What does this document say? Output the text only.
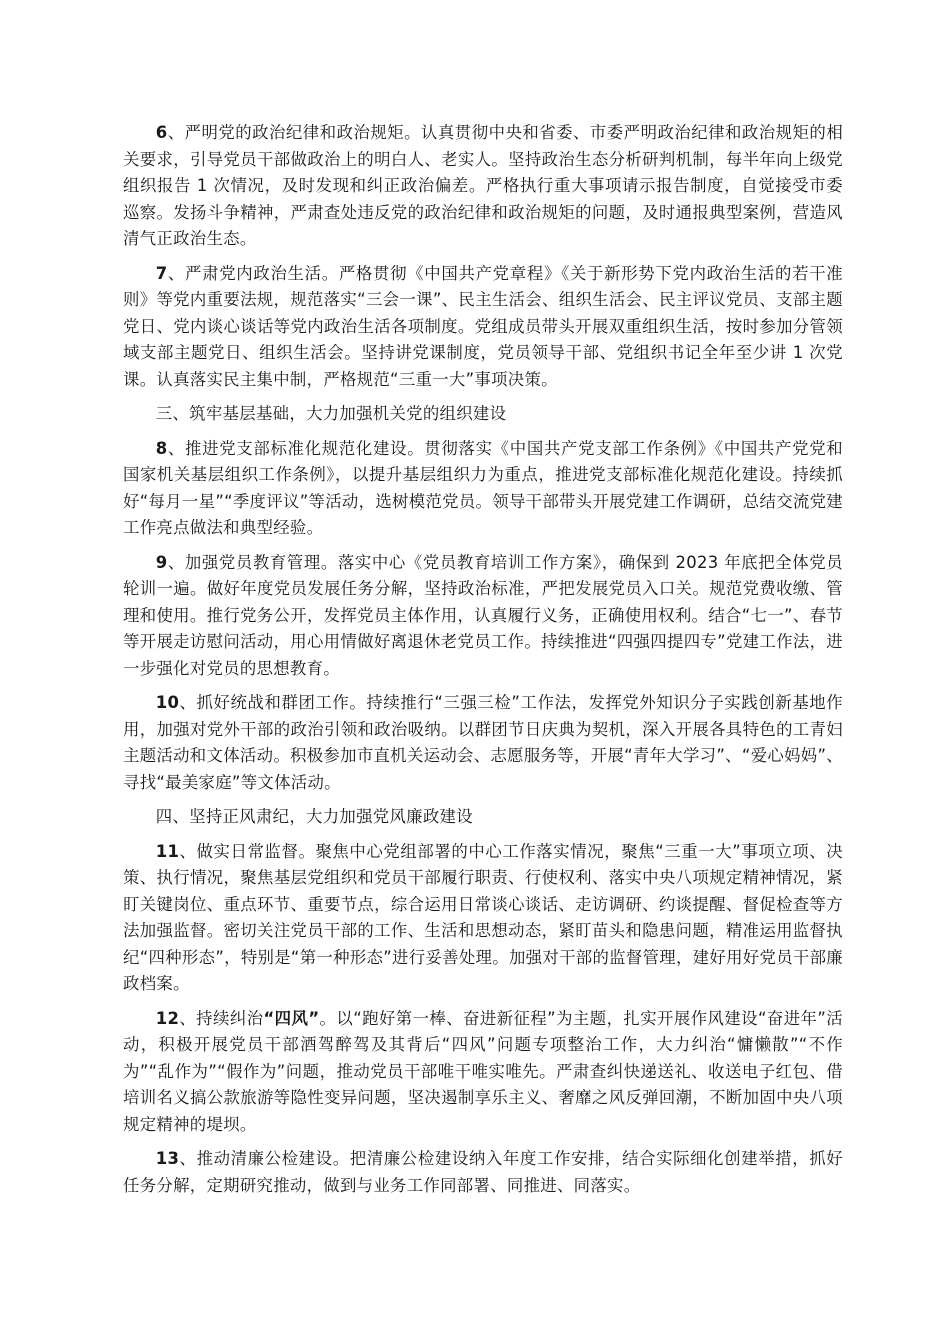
6、严明党的政治纪律和政治规矩。认真贯彻中央和省委、市委严明政治纪律和政治规矩的相关要求，引导党员干部做政治上的明白人、老实人。坚持政治生态分析研判机制，每半年向上级党组织报告 1 次情况，及时发现和纠正政治偏差。严格执行重大事项请示报告制度，自觉接受市委巡察。发扬斗争精神，严肃查处违反党的政治纪律和政治规矩的问题，及时通报典型案例，营造风清气正政治生态。

7、严肃党内政治生活。严格贯彻《中国共产党章程》《关于新形势下党内政治生活的若干准则》等党内重要法规，规范落实“三会一课”、民主生活会、组织生活会、民主评议党员、支部主题党日、党内谈心谈话等党内政治生活各项制度。党组成员带头开展双重组织生活，按时参加分管领域支部主题党日、组织生活会。坚持讲党课制度，党员领导干部、党组织书记全年至少讲 1 次党课。认真落实民主集中制，严格规范“三重一大”事项决策。

三、筑牢基层基础，大力加强机关党的组织建设

8、推进党支部标准化规范化建设。贯彻落实《中国共产党支部工作条例》《中国共产党党和国家机关基层组织工作条例》，以提升基层组织力为重点，推进党支部标准化规范化建设。持续抓好“每月一星”“季度评议”等活动，选树模范党员。领导干部带头开展党建工作调研，总结交流党建工作亮点做法和典型经验。

9、加强党员教育管理。落实中心《党员教育培训工作方案》，确保到 2023 年底把全体党员轮训一遍。做好年度党员发展任务分解，坚持政治标准，严把发展党员入口关。规范党费收缴、管理和使用。推行党务公开，发挥党员主体作用，认真履行义务，正确使用权利。结合“七一”、春节等开展走访慰问活动，用心用情做好离退休老党员工作。持续推进“四强四提四专”党建工作法，进一步强化对党员的思想教育。

10、抓好统战和群团工作。持续推行“三强三检”工作法，发挥党外知识分子实践创新基地作用，加强对党外干部的政治引领和政治吸纳。以群团节日庆典为契机，深入开展各具特色的工青妇主题活动和文体活动。积极参加市直机关运动会、志愿服务等，开展“青年大学习”、“爱心妈妈”、寻找“最美家庭”等文体活动。

四、坚持正风肃纪，大力加强党风廉政建设

11、做实日常监督。聚焦中心党组部署的中心工作落实情况，聚焦“三重一大”事项立项、决策、执行情况，聚焦基层党组织和党员干部履行职责、行使权利、落实中央八项规定精神情况，紧盯关键岗位、重点环节、重要节点，综合运用日常谈心谈话、走访调研、约谈提醒、督促检查等方法加强监督。密切关注党员干部的工作、生活和思想动态，紧盯苗头和隐患问题，精准运用监督执纪“四种形态”，特别是“第一种形态”进行妥善处理。加强对干部的监督管理，建好用好党员干部廉政档案。

12、持续纠治“四风”。以“跑好第一棒、奋进新征程”为主题，扎实开展作风建设“奋进年”活动，积极开展党员干部酒驾醉驾及其背后“四风”问题专项整治工作，大力纠治“慵懒散”“不作为”“乱作为”“假作为”问题，推动党员干部唯干唯实唯先。严肃查纠快递送礼、收送电子红包、借培训名义搞公款旅游等隐性变异问题，坚决遏制享乐主义、奢靡之风反弹回潮，不断加固中央八项规定精神的堤坝。

13、推动清廉公检建设。把清廉公检建设纳入年度工作安排，结合实际细化创建举措，抓好任务分解，定期研究推动，做到与业务工作同部署、同推进、同落实。
